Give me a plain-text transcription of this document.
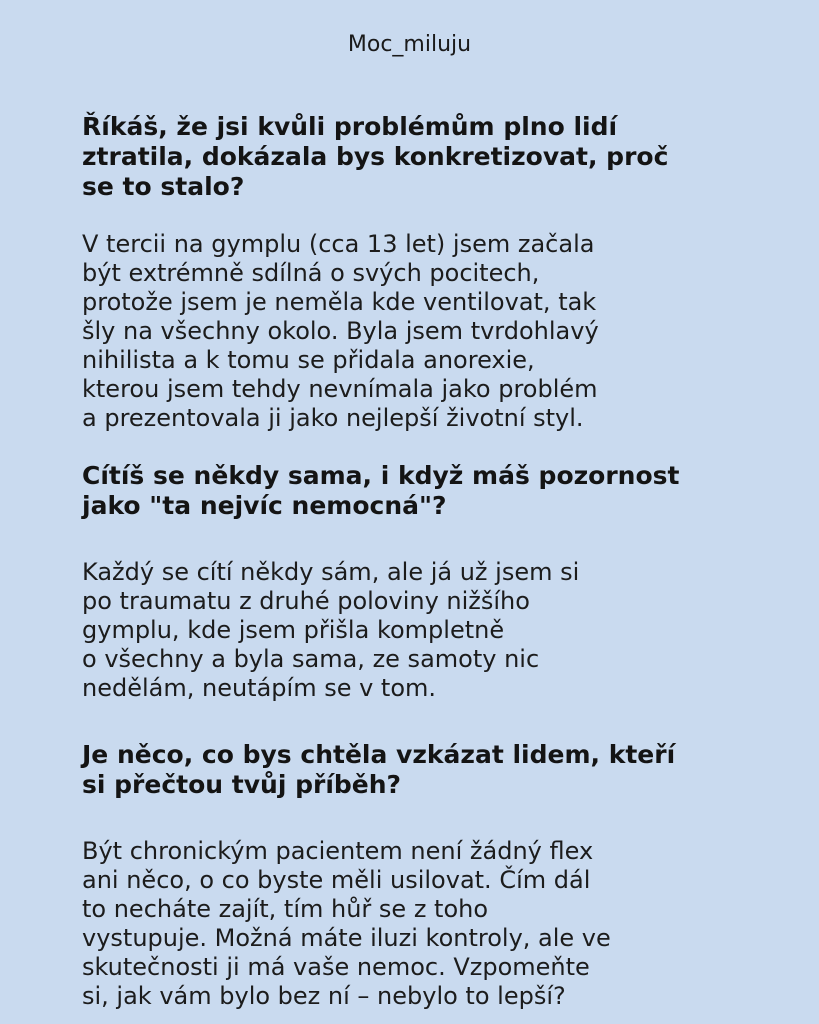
Moc_miluju

Říkáš, že jsi kvůli problémům plno lidí
ztratila, dokázala bys konkretizovat, proč
se to stalo?

V tercii na gymplu (cca 13 let) jsem začala
být extrémně sdílná o svých pocitech,
protože jsem je neměla kde ventilovat, tak
šly na všechny okolo. Byla jsem tvrdohlavý
nihilista a k tomu se přidala anorexie,
kterou jsem tehdy nevnímala jako problém
a prezentovala ji jako nejlepší životní styl.

Cítíš se někdy sama, i když máš pozornost
jako "ta nejvíc nemocná"?

Každý se cítí někdy sám, ale já už jsem si
po traumatu z druhé poloviny nižšího
gymplu, kde jsem přišla kompletně
o všechny a byla sama, ze samoty nic
nedělám, neutápím se v tom.

Je něco, co bys chtěla vzkázat lidem, kteří
si přečtou tvůj příběh?

Být chronickým pacientem není žádný flex
ani něco, o co byste měli usilovat. Čím dál
to necháte zajít, tím hůř se z toho
vystupuje. Možná máte iluzi kontroly, ale ve
skutečnosti ji má vaše nemoc. Vzpomeňte
si, jak vám bylo bez ní – nebylo to lepší?
